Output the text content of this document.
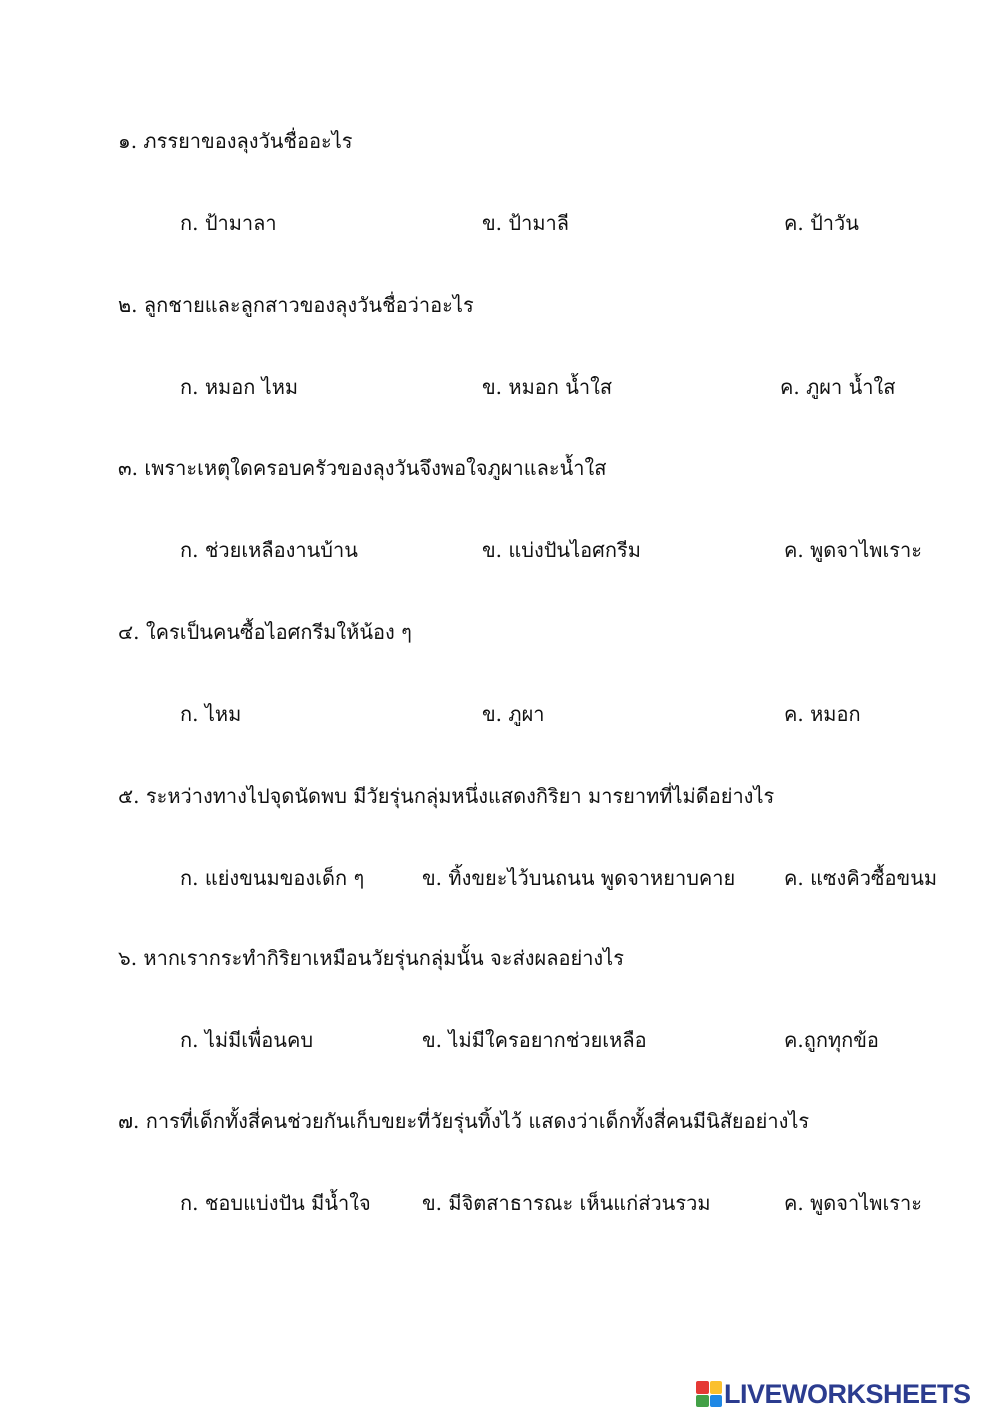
๑. ภรรยาของลุงวันชื่ออะไร
ก. ป้ามาลา	ข. ป้ามาลี	ค. ป้าวัน
๒. ลูกชายและลูกสาวของลุงวันชื่อว่าอะไร
ก. หมอก ไหม	ข. หมอก น้ำใส	ค. ภูผา น้ำใส
๓. เพราะเหตุใดครอบครัวของลุงวันจึงพอใจภูผาและน้ำใส
ก. ช่วยเหลืองานบ้าน	ข. แบ่งปันไอศกรีม	ค. พูดจาไพเราะ
๔. ใครเป็นคนซื้อไอศกรีมให้น้อง ๆ
ก. ไหม	ข. ภูผา	ค. หมอก
๕. ระหว่างทางไปจุดนัดพบ มีวัยรุ่นกลุ่มหนึ่งแสดงกิริยา มารยาทที่ไม่ดีอย่างไร
ก. แย่งขนมของเด็ก ๆ	ข. ทิ้งขยะไว้บนถนน พูดจาหยาบคาย ค. แซงคิวซื้อขนม
๖. หากเรากระทำกิริยาเหมือนวัยรุ่นกลุ่มนั้น จะส่งผลอย่างไร
ก. ไม่มีเพื่อนคบ	ข. ไม่มีใครอยากช่วยเหลือ	ค.ถูกทุกข้อ
๗. การที่เด็กทั้งสี่คนช่วยกันเก็บขยะที่วัยรุ่นทิ้งไว้ แสดงว่าเด็กทั้งสี่คนมีนิสัยอย่างไร
ก. ชอบแบ่งปัน มีน้ำใจ	ข. มีจิตสาธารณะ เห็นแก่ส่วนรวม	ค. พูดจาไพเราะ
LIVEWORKSHEETS
